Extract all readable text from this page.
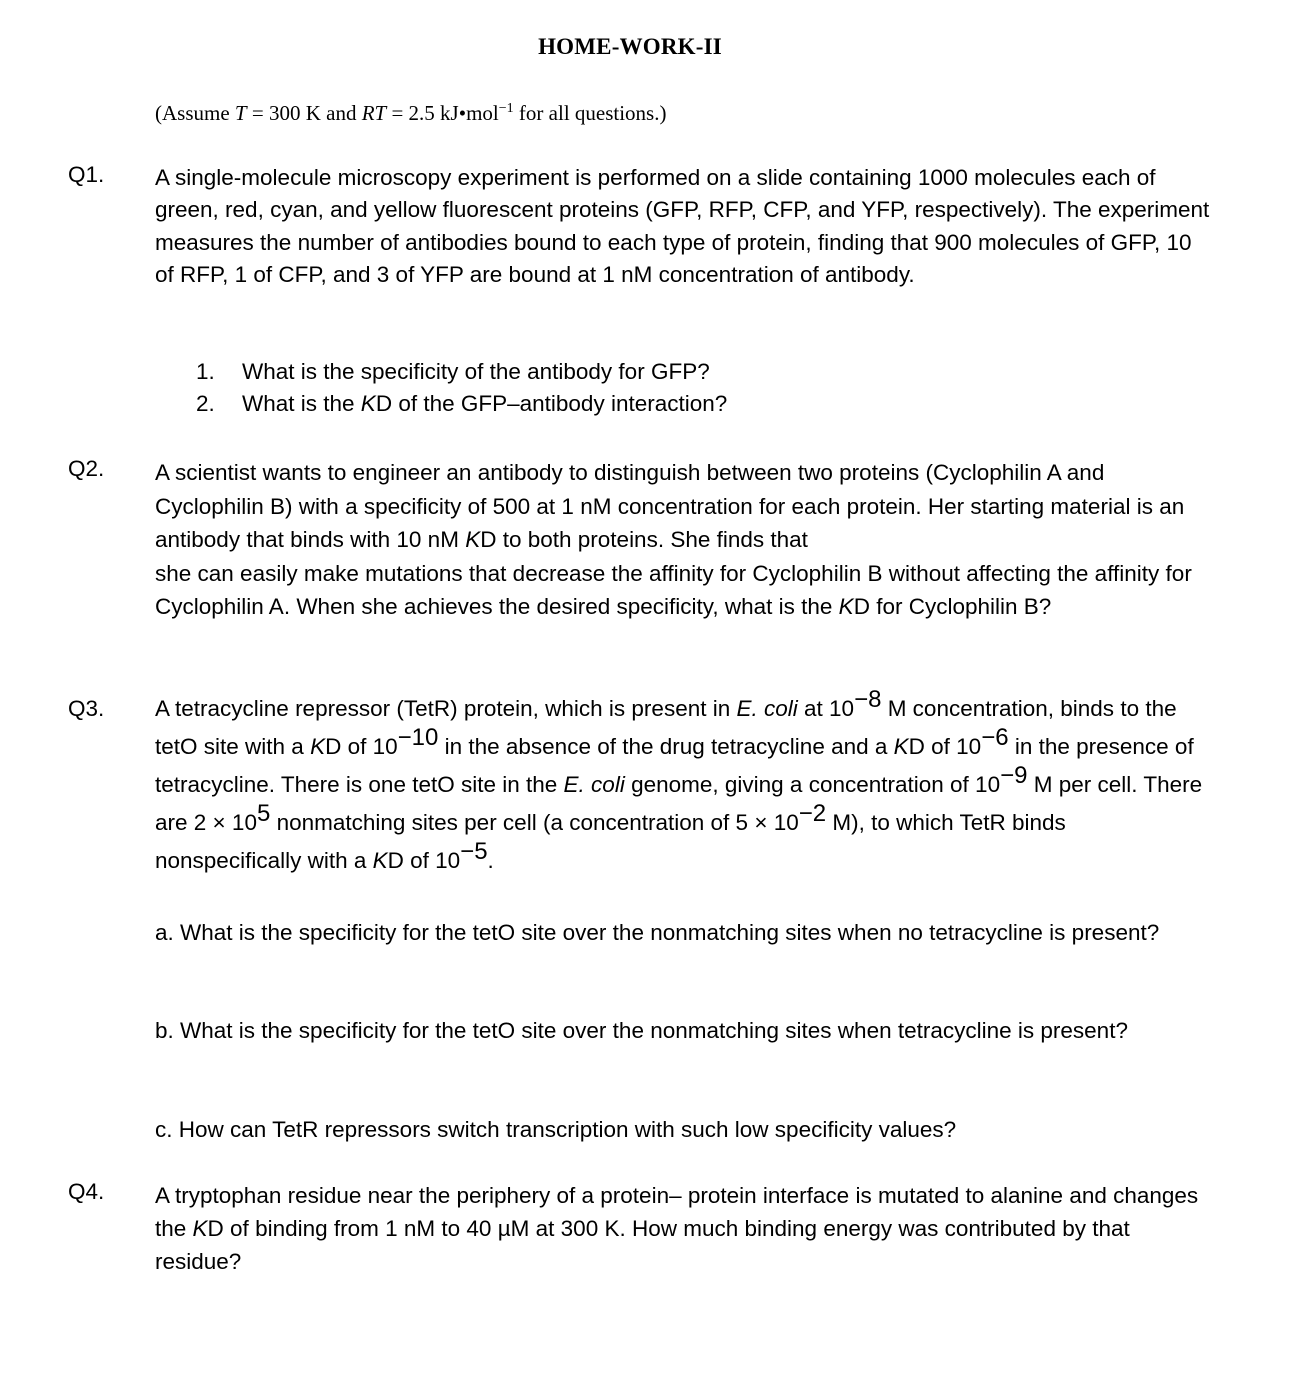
HOME-WORK-II
(Assume T = 300 K and RT = 2.5 kJ•mol$^{-1}$ for all questions.)
Q1. A single-molecule microscopy experiment is performed on a slide containing 1000 molecules each of green, red, cyan, and yellow fluorescent proteins (GFP, RFP, CFP, and YFP, respectively). The experiment measures the number of antibodies bound to each type of protein, finding that 900 molecules of GFP, 10 of RFP, 1 of CFP, and 3 of YFP are bound at 1 nM concentration of antibody.
1. What is the specificity of the antibody for GFP?
2. What is the KD of the GFP–antibody interaction?
Q2. A scientist wants to engineer an antibody to distinguish between two proteins (Cyclophilin A and Cyclophilin B) with a specificity of 500 at 1 nM concentration for each protein. Her starting material is an antibody that binds with 10 nM KD to both proteins. She finds that
she can easily make mutations that decrease the affinity for Cyclophilin B without affecting the affinity for Cyclophilin A. When she achieves the desired specificity, what is the KD for Cyclophilin B?
Q3. A tetracycline repressor (TetR) protein, which is present in E. coli at $10^{-8}$ M concentration, binds to the tetO site with a KD of $10^{-10}$ in the absence of the drug tetracycline and a KD of $10^{-6}$ in the presence of tetracycline. There is one tetO site in the E. coli genome, giving a concentration of $10^{-9}$ M per cell. There are $2 \times 10^5$ nonmatching sites per cell (a concentration of $5 \times 10^{-2}$ M), to which TetR binds nonspecifically with a KD of $10^{-5}$.
a. What is the specificity for the tetO site over the nonmatching sites when no tetracycline is present?
b. What is the specificity for the tetO site over the nonmatching sites when tetracycline is present?
c. How can TetR repressors switch transcription with such low specificity values?
Q4. A tryptophan residue near the periphery of a protein– protein interface is mutated to alanine and changes the KD of binding from 1 nM to 40 µM at 300 K. How much binding energy was contributed by that residue?
